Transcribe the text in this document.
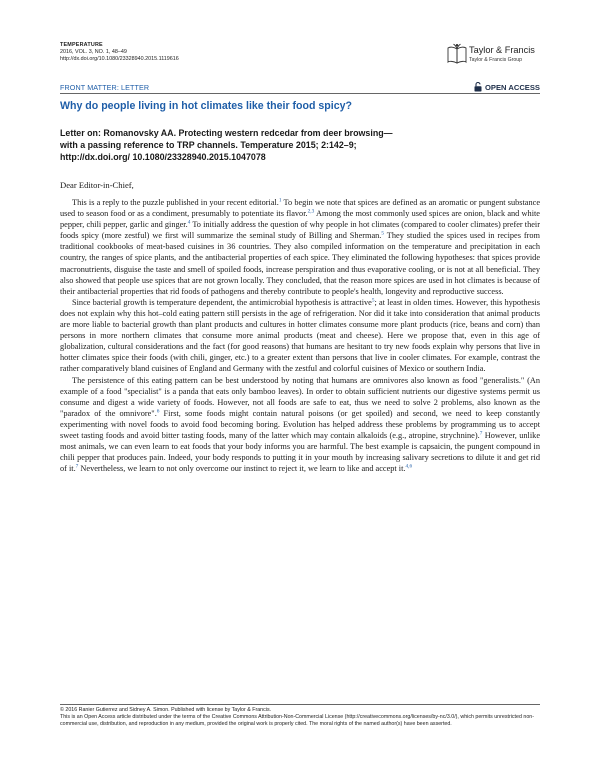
TEMPERATURE
2016, VOL. 3, NO. 1, 48–49
http://dx.doi.org/10.1080/23328940.2015.1119616
Taylor & Francis
Taylor & Francis Group
FRONT MATTER: LETTER	OPEN ACCESS
Why do people living in hot climates like their food spicy?
Letter on: Romanovsky AA. Protecting western redcedar from deer browsing—
with a passing reference to TRP channels. Temperature 2015; 2:142–9;
http://dx.doi.org/ 10.1080/23328940.2015.1047078
Dear Editor-in-Chief,

This is a reply to the puzzle published in your recent editorial.$^1$ To begin we note that spices are defined as an aromatic or pungent substance used to season food or as a condiment, presumably to potentiate its flavor.$^{2,3}$ Among the most commonly used spices are onion, black and white pepper, chili pepper, garlic and ginger.$^4$ To initially address the question of why people in hot climates (compared to cooler climates) prefer their foods spicy (more zestful) we first will summarize the seminal study of Billing and Sherman.$^5$ They studied the spices used in recipes from traditional cookbooks of meat-based cuisines in 36 countries. They also compiled information on the temperature and precipitation in each country, the ranges of spice plants, and the antibacterial properties of each spice. They eliminated the following hypotheses: that spices provide macronutrients, disguise the taste and smell of spoiled foods, increase perspiration and thus evaporative cooling, or is not at all beneficial. They also showed that people use spices that are not grown locally. They concluded, that the reason more spices are used in hot climates is because of their antibacterial properties that rid foods of pathogens and thereby contribute to people's health, longevity and reproductive success.

Since bacterial growth is temperature dependent, the antimicrobial hypothesis is attractive$^5$; at least in olden times. However, this hypothesis does not explain why this hot–cold eating pattern still persists in the age of refrigeration. Nor did it take into consideration that animal products are more liable to bacterial growth than plant products and cultures in hotter climates consume more plant products (rice, beans and corn) than persons in more northern climates that consume more animal products (meat and cheese). Here we propose that, even in this age of globalization, cultural considerations and the fact (for good reasons) that humans are hesitant to try new foods explain why persons that live in hotter climates spice their foods (with chili, ginger, etc.) to a greater extent than persons that live in cooler climates. For example, contrast the rather comparatively bland cuisines of England and Germany with the zestful and colorful cuisines of Mexico or southern India.

The persistence of this eating pattern can be best understood by noting that humans are omnivores also known as food "generalists." (An example of a food "specialist" is a panda that eats only bamboo leaves). In order to obtain sufficient nutrients our digestive systems permit us consume and digest a wide variety of foods. However, not all foods are safe to eat, thus we need to solve 2 problems, also known as the "paradox of the omnivore".$^6$ First, some foods might contain natural poisons (or get spoiled) and second, we need to keep constantly experimenting with novel foods to avoid food becoming boring. Evolution has helped address these problems by programming us to accept sweet tasting foods and avoid bitter tasting foods, many of the latter which may contain alkaloids (e.g., atropine, strychnine).$^7$ However, unlike most animals, we can even learn to eat foods that your body informs you are harmful. The best example is capsaicin, the pungent compound in chili pepper that produces pain. Indeed, your body responds to putting it in your mouth by increasing salivary secretions to dilute it and get rid of it.$^7$ Nevertheless, we learn to not only overcome our instinct to reject it, we learn to like and accept it.$^{4,6}$

© 2016 Ranier Gutierrez and Sidney A. Simon. Published with license by Taylor & Francis.
This is an Open Access article distributed under the terms of the Creative Commons Attribution-Non-Commercial License (http://creativecommons.org/licenses/by-nc/3.0/), which permits unrestricted non-commercial use, distribution, and reproduction in any medium, provided the original work is properly cited. The moral rights of the named author(s) have been asserted.
